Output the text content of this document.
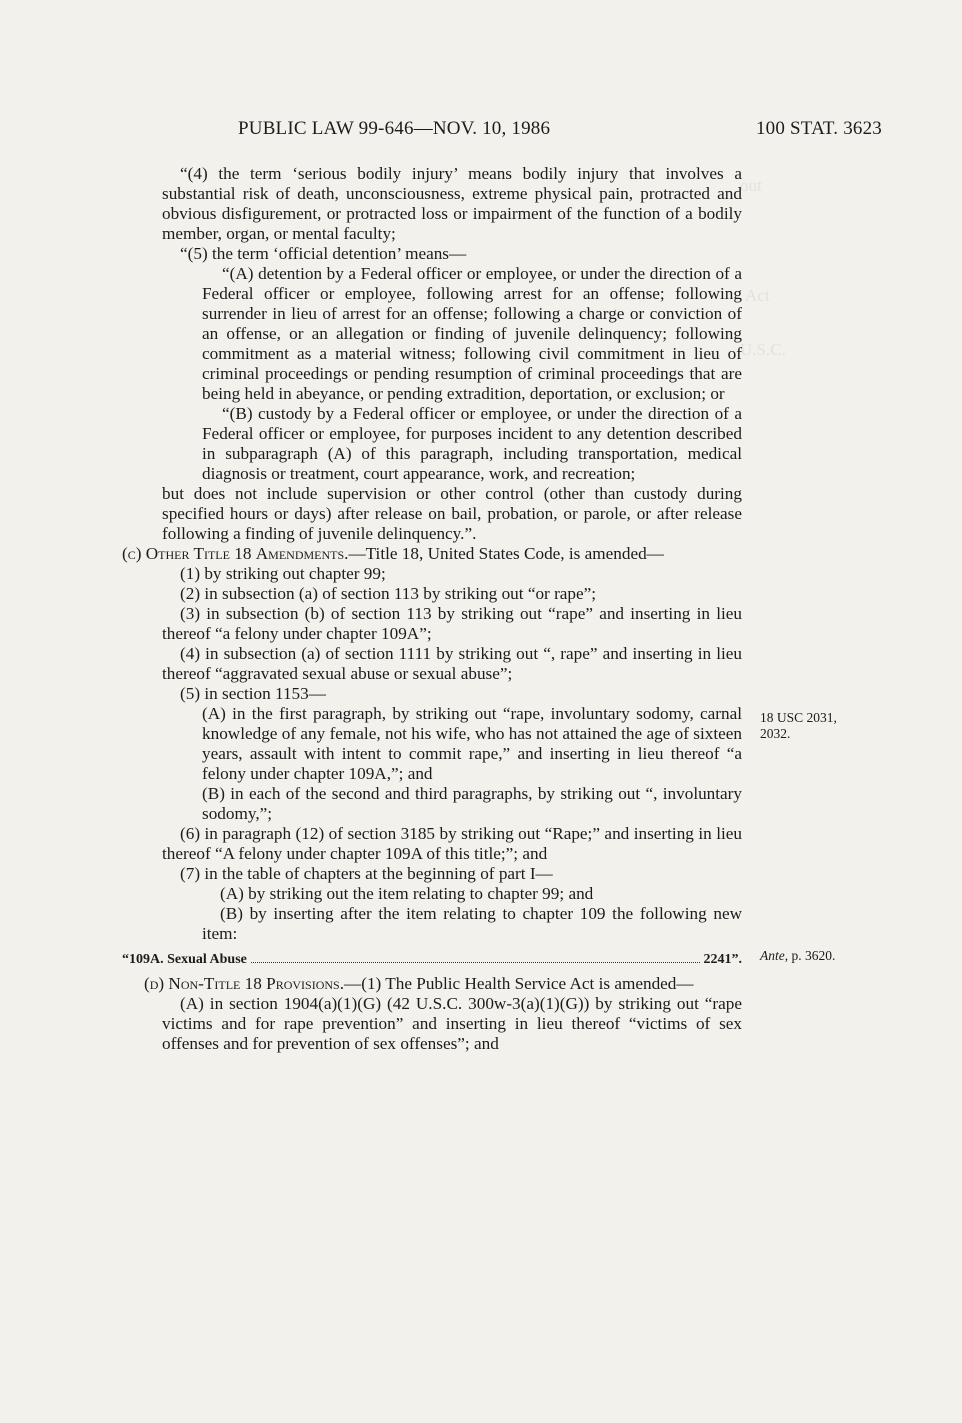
out
Act
U.S.C.
PUBLIC LAW 99-646—NOV. 10, 1986	100 STAT. 3623

“(4) the term ‘serious bodily injury’ means bodily injury that involves a substantial risk of death, unconsciousness, extreme physical pain, protracted and obvious disfigurement, or protracted loss or impairment of the function of a bodily member, organ, or mental faculty;

“(5) the term ‘official detention’ means—

“(A) detention by a Federal officer or employee, or under the direction of a Federal officer or employee, following arrest for an offense; following surrender in lieu of arrest for an offense; following a charge or conviction of an offense, or an allegation or finding of juvenile delinquency; following commitment as a material witness; following civil commitment in lieu of criminal proceedings or pending resumption of criminal proceedings that are being held in abeyance, or pending extradition, deportation, or exclusion; or

“(B) custody by a Federal officer or employee, or under the direction of a Federal officer or employee, for purposes incident to any detention described in subparagraph (A) of this paragraph, including transportation, medical diagnosis or treatment, court appearance, work, and recreation;

but does not include supervision or other control (other than custody during specified hours or days) after release on bail, probation, or parole, or after release following a finding of juvenile delinquency.”.

(c) Other Title 18 Amendments.—Title 18, United States Code, is amended—

(1) by striking out chapter 99;

(2) in subsection (a) of section 113 by striking out “or rape”;

(3) in subsection (b) of section 113 by striking out “rape” and inserting in lieu thereof “a felony under chapter 109A”;

(4) in subsection (a) of section 1111 by striking out “, rape” and inserting in lieu thereof “aggravated sexual abuse or sexual abuse”;

(5) in section 1153—

(A) in the first paragraph, by striking out “rape, involuntary sodomy, carnal knowledge of any female, not his wife, who has not attained the age of sixteen years, assault with intent to commit rape,” and inserting in lieu thereof “a felony under chapter 109A,”; and

(B) in each of the second and third paragraphs, by striking out “, involuntary sodomy,”;

(6) in paragraph (12) of section 3185 by striking out “Rape;” and inserting in lieu thereof “A felony under chapter 109A of this title;”; and

(7) in the table of chapters at the beginning of part I—

(A) by striking out the item relating to chapter 99; and

(B) by inserting after the item relating to chapter 109 the following new item:

“109A. Sexual Abuse	2241”.

(d) Non-Title 18 Provisions.—(1) The Public Health Service Act is amended—

(A) in section 1904(a)(1)(G) (42 U.S.C. 300w-3(a)(1)(G)) by striking out “rape victims and for rape prevention” and inserting in lieu thereof “victims of sex offenses and for prevention of sex offenses”; and

18 USC 2031,
2032.
Ante, p. 3620.
